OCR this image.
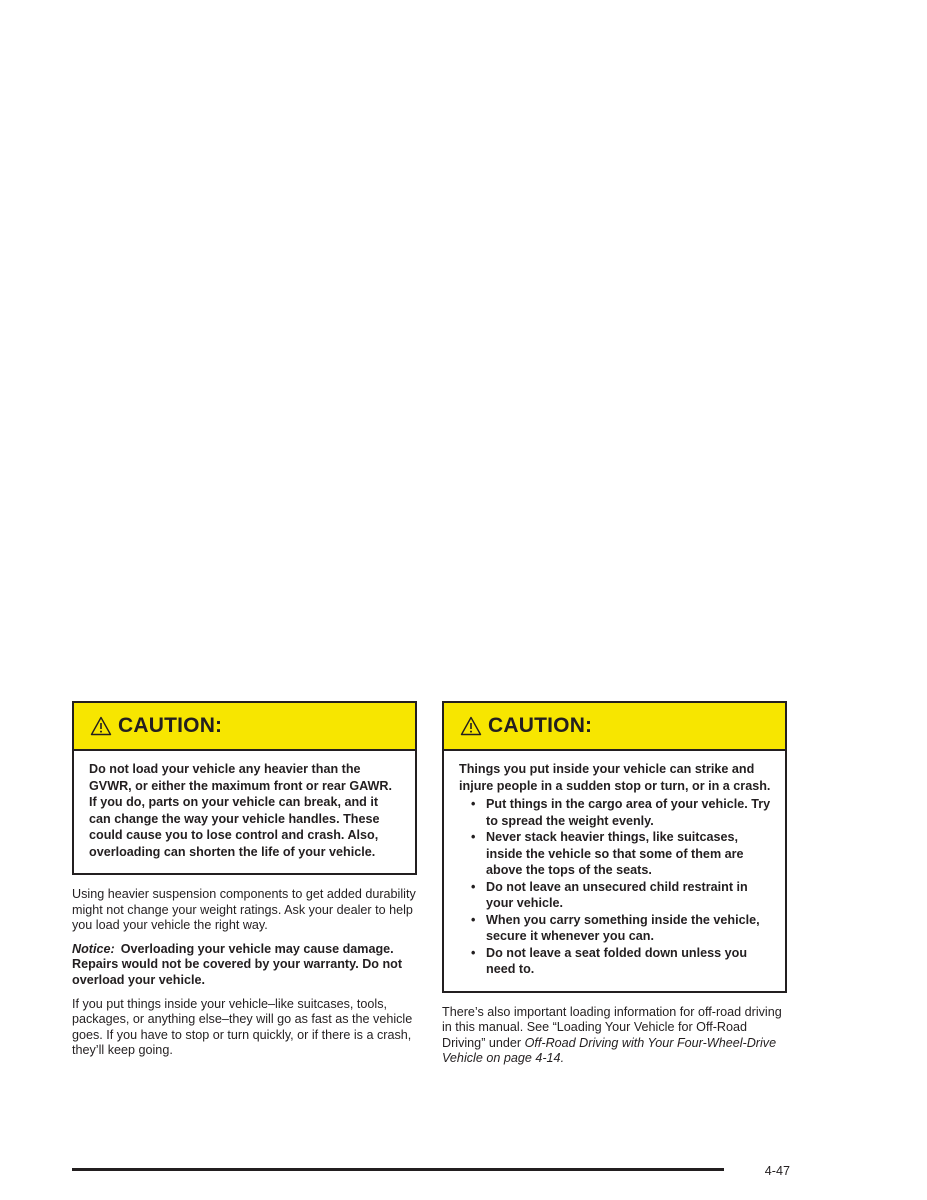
CAUTION:

Do not load your vehicle any heavier than the GVWR, or either the maximum front or rear GAWR. If you do, parts on your vehicle can break, and it can change the way your vehicle handles. These could cause you to lose control and crash. Also, overloading can shorten the life of your vehicle.

Using heavier suspension components to get added durability might not change your weight ratings. Ask your dealer to help you load your vehicle the right way.

Notice: Overloading your vehicle may cause damage. Repairs would not be covered by your warranty. Do not overload your vehicle.

If you put things inside your vehicle–like suitcases, tools, packages, or anything else–they will go as fast as the vehicle goes. If you have to stop or turn quickly, or if there is a crash, they’ll keep going.

CAUTION:

Things you put inside your vehicle can strike and injure people in a sudden stop or turn, or in a crash.

• Put things in the cargo area of your vehicle. Try to spread the weight evenly.
• Never stack heavier things, like suitcases, inside the vehicle so that some of them are above the tops of the seats.
• Do not leave an unsecured child restraint in your vehicle.
• When you carry something inside the vehicle, secure it whenever you can.
• Do not leave a seat folded down unless you need to.

There’s also important loading information for off-road driving in this manual. See “Loading Your Vehicle for Off-Road Driving” under Off-Road Driving with Your Four-Wheel-Drive Vehicle on page 4-14.

4-47
